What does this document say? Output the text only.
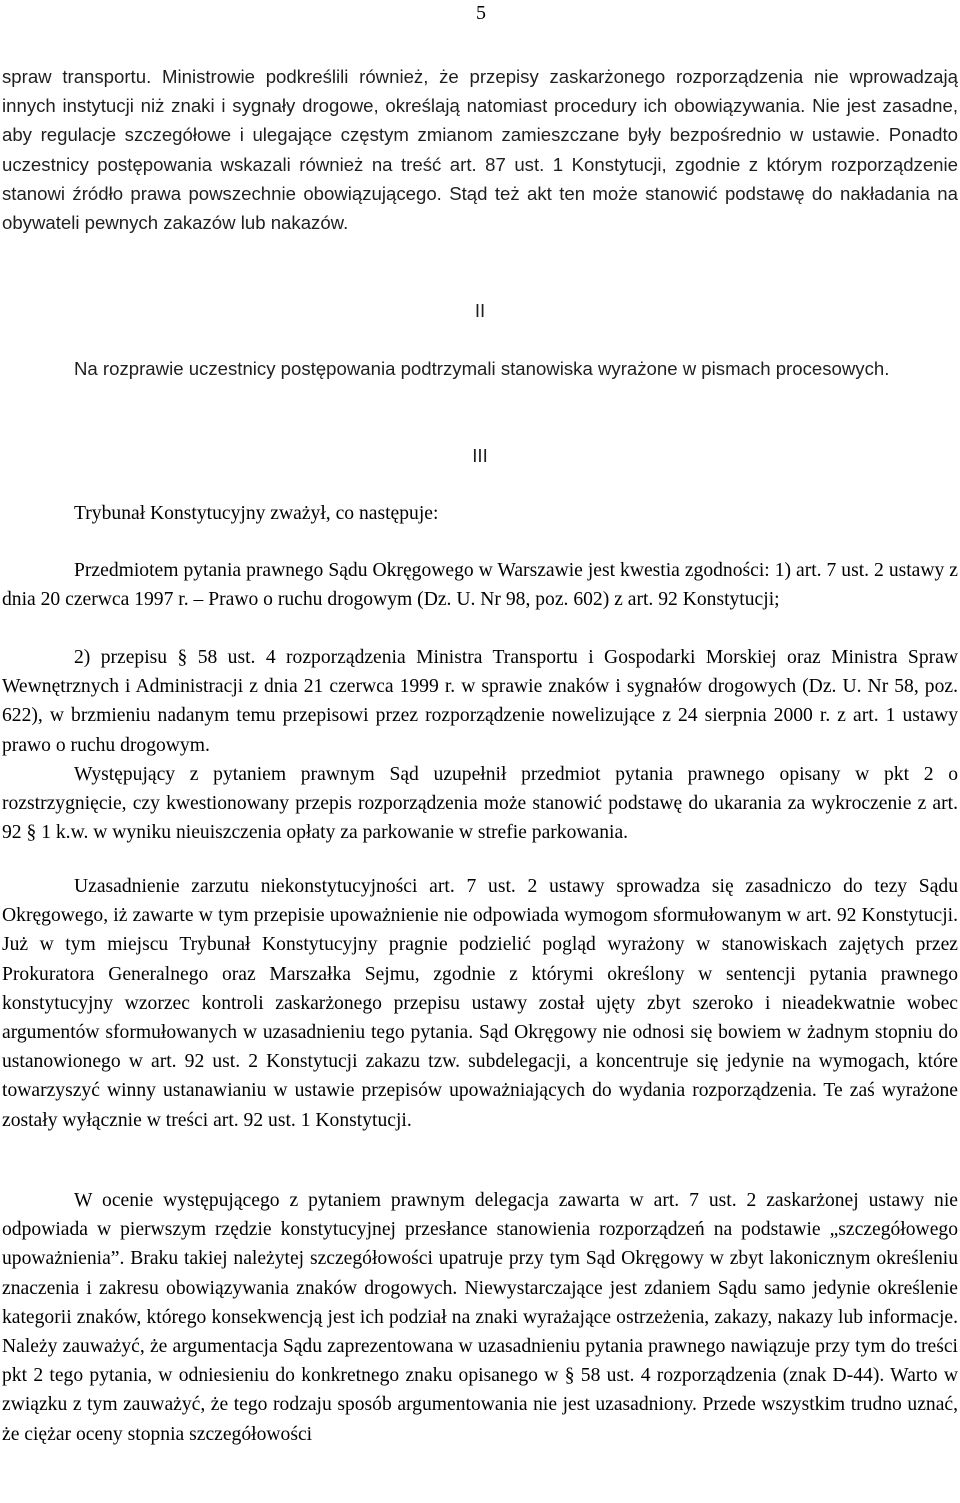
5

spraw transportu. Ministrowie podkreślili również, że przepisy zaskarżonego rozporządzenia nie wprowadzają innych instytucji niż znaki i sygnały drogowe, określają natomiast procedury ich obowiązywania. Nie jest zasadne, aby regulacje szczegółowe i ulegające częstym zmianom zamieszczane były bezpośrednio w ustawie. Ponadto uczestnicy postępowania wskazali również na treść art. 87 ust. 1 Konstytucji, zgodnie z którym rozporządzenie stanowi źródło prawa powszechnie obowiązującego. Stąd też akt ten może stanowić podstawę do nakładania na obywateli pewnych zakazów lub nakazów.

II

Na rozprawie uczestnicy postępowania podtrzymali stanowiska wyrażone w pismach procesowych.

III

Trybunał Konstytucyjny zważył, co następuje:

Przedmiotem pytania prawnego Sądu Okręgowego w Warszawie jest kwestia zgodności: 1) art. 7 ust. 2 ustawy z dnia 20 czerwca 1997 r. – Prawo o ruchu drogowym (Dz. U. Nr 98, poz. 602) z art. 92 Konstytucji;

2) przepisu § 58 ust. 4 rozporządzenia Ministra Transportu i Gospodarki Morskiej oraz Ministra Spraw Wewnętrznych i Administracji z dnia 21 czerwca 1999 r. w sprawie znaków i sygnałów drogowych (Dz. U. Nr 58, poz. 622), w brzmieniu nadanym temu przepisowi przez rozporządzenie nowelizujące z 24 sierpnia 2000 r. z art. 1 ustawy prawo o ruchu drogowym.

Występujący z pytaniem prawnym Sąd uzupełnił przedmiot pytania prawnego opisany w pkt 2 o rozstrzygnięcie, czy kwestionowany przepis rozporządzenia może stanowić podstawę do ukarania za wykroczenie z art. 92 § 1 k.w. w wyniku nieuiszczenia opłaty za parkowanie w strefie parkowania.

Uzasadnienie zarzutu niekonstytucyjności art. 7 ust. 2 ustawy sprowadza się zasadniczo do tezy Sądu Okręgowego, iż zawarte w tym przepisie upoważnienie nie odpowiada wymogom sformułowanym w art. 92 Konstytucji. Już w tym miejscu Trybunał Konstytucyjny pragnie podzielić pogląd wyrażony w stanowiskach zajętych przez Prokuratora Generalnego oraz Marszałka Sejmu, zgodnie z którymi określony w sentencji pytania prawnego konstytucyjny wzorzec kontroli zaskarżonego przepisu ustawy został ujęty zbyt szeroko i nieadekwatnie wobec argumentów sformułowanych w uzasadnieniu tego pytania. Sąd Okręgowy nie odnosi się bowiem w żadnym stopniu do ustanowionego w art. 92 ust. 2 Konstytucji zakazu tzw. subdelegacji, a koncentruje się jedynie na wymogach, które towarzyszyć winny ustanawianiu w ustawie przepisów upoważniających do wydania rozporządzenia. Te zaś wyrażone zostały wyłącznie w treści art. 92 ust. 1 Konstytucji.

W ocenie występującego z pytaniem prawnym delegacja zawarta w art. 7 ust. 2 zaskarżonej ustawy nie odpowiada w pierwszym rzędzie konstytucyjnej przesłance stanowienia rozporządzeń na podstawie „szczegółowego upoważnienia”. Braku takiej należytej szczegółowości upatruje przy tym Sąd Okręgowy w zbyt lakonicznym określeniu znaczenia i zakresu obowiązywania znaków drogowych. Niewystarczające jest zdaniem Sądu samo jedynie określenie kategorii znaków, którego konsekwencją jest ich podział na znaki wyrażające ostrzeżenia, zakazy, nakazy lub informacje. Należy zauważyć, że argumentacja Sądu zaprezentowana w uzasadnieniu pytania prawnego nawiązuje przy tym do treści pkt 2 tego pytania, w odniesieniu do konkretnego znaku opisanego w § 58 ust. 4 rozporządzenia (znak D-44). Warto w związku z tym zauważyć, że tego rodzaju sposób argumentowania nie jest uzasadniony. Przede wszystkim trudno uznać, że ciężar oceny stopnia szczegółowości
